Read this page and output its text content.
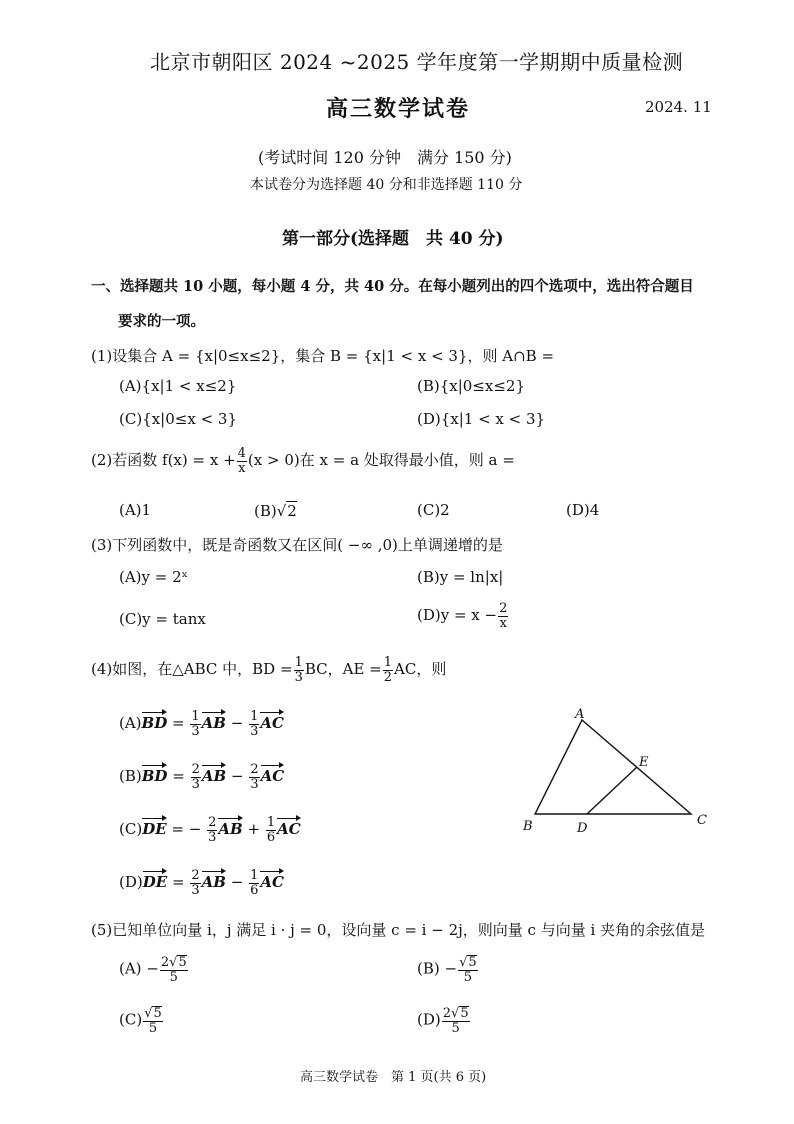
北京市朝阳区 2024 ~2025 学年度第一学期期中质量检测
高三数学试卷	2024. 11
(考试时间 120 分钟　满分 150 分)
本试卷分为选择题 40 分和非选择题 110 分
第一部分(选择题　共 40 分)
一、选择题共 10 小题，每小题 4 分，共 40 分。在每小题列出的四个选项中，选出符合题目
要求的一项。
(1)设集合 A = {x|0≤x≤2}，集合 B = {x|1 < x < 3}，则 A∩B =
(A){x|1 < x≤2}	(B){x|0≤x≤2}
(C){x|0≤x < 3}	(D){x|1 < x < 3}
(2)若函数 $f(x) = x + \frac{4}{x} (x > 0)$在 x = a 处取得最小值，则 a =
(A)1	(B)√2	(C)2	(D)4
(3)下列函数中，既是奇函数又在区间( −∞ ,0)上单调递增的是
(A)y = 2ˣ	(B)y = ln|x|
(C)y = tanx	$(D)y = x - \frac{2}{x}$
(4)如图，在△ABC 中，BD = $\frac{1}{3}$ BC，AE = $\frac{1}{2}$ AC，则
$(A)BD = \frac{1}{3}$ AB − $\frac{1}{3}$ AC
$(B)BD = \frac{2}{3}$ AB − $\frac{2}{3}$ AC
(C)DE = − $\frac{2}{3}$ AB + $\frac{1}{6}$ AC
$(D)DE = \frac{2}{3}$ AB − $\frac{1}{6}$ AC
A
B	C
D
E
(5)已知单位向量 i，j 满足 i · j = 0，设向量 c = i − 2j，则向量 c 与向量 i 夹角的余弦值是
$(A) - \frac{2√5}{5}$	$(B) - \frac{√5}{5}$
$(C) \frac{√5}{5}$	$(D) \frac{2√5}{5}$
高三数学试卷　第 1 页(共 6 页)
